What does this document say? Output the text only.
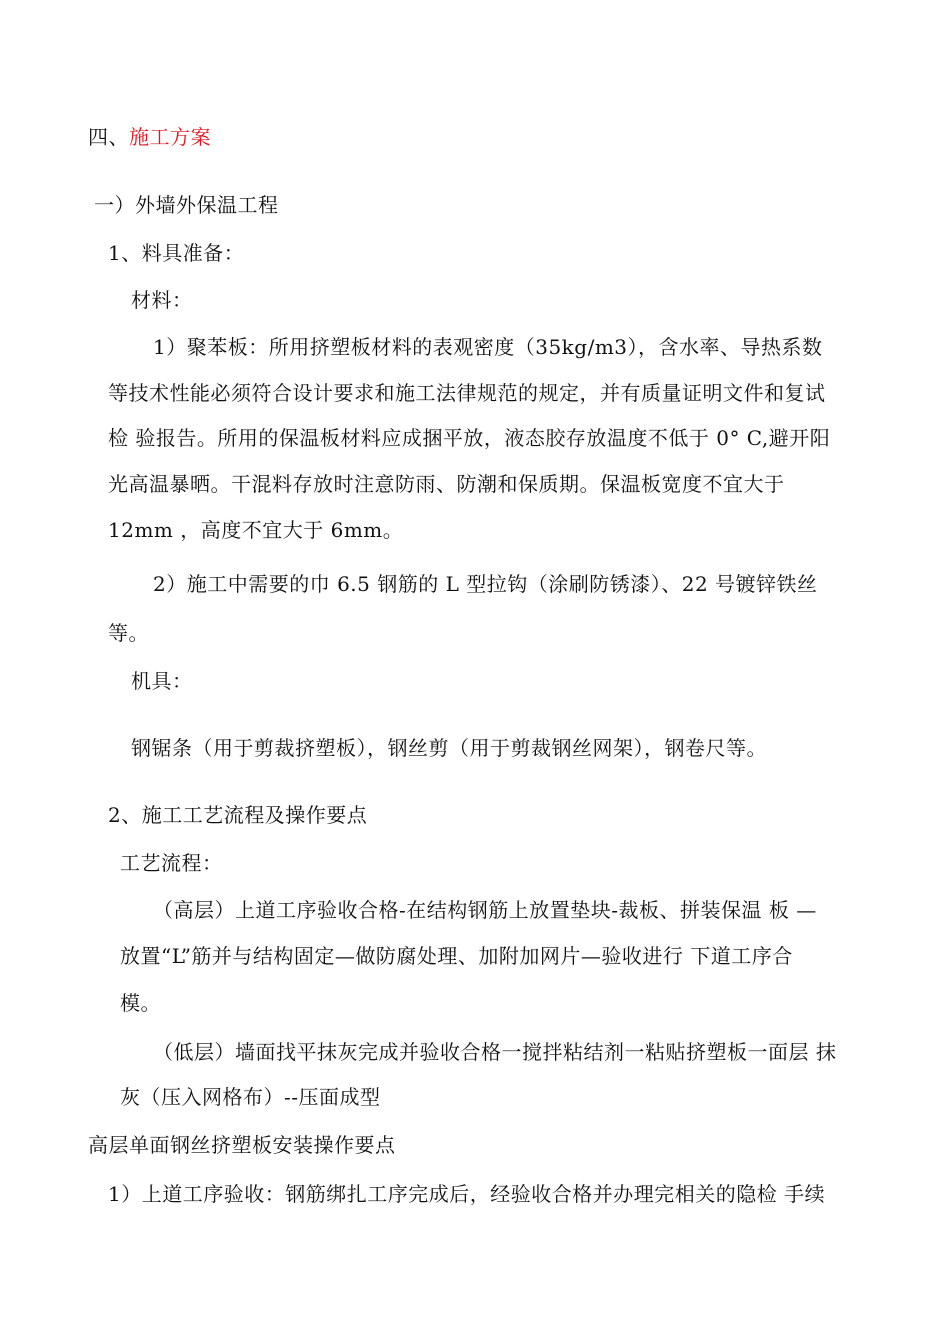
四、施工方案
一）外墙外保温工程
1、料具准备：
材料：
1）聚苯板：所用挤塑板材料的表观密度（35kg/m3），含水率、导热系数
等技术性能必须符合设计要求和施工法律规范的规定，并有质量证明文件和复试
检 验报告。所用的保温板材料应成捆平放，液态胶存放温度不低于 0° C,避开阳
光高温暴晒。干混料存放时注意防雨、防潮和保质期。保温板宽度不宜大于
12mm ，高度不宜大于 6mm。
2）施工中需要的巾 6.5 钢筋的 L 型拉钩（涂刷防锈漆）、22 号镀锌铁丝
等。
机具：
钢锯条（用于剪裁挤塑板），钢丝剪（用于剪裁钢丝网架），钢卷尺等。
2、施工工艺流程及操作要点
工艺流程：
（高层）上道工序验收合格-在结构钢筋上放置垫块-裁板、拼装保温 板 —
放置“L”筋并与结构固定—做防腐处理、加附加网片—验收进行 下道工序合
模。
（低层）墙面找平抹灰完成并验收合格一搅拌粘结剂一粘贴挤塑板一面层 抹
灰（压入网格布）--压面成型
高层单面钢丝挤塑板安装操作要点
1）上道工序验收：钢筋绑扎工序完成后，经验收合格并办理完相关的隐检 手续
